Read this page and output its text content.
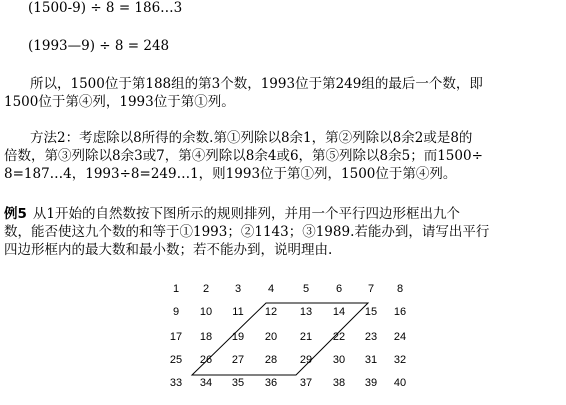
(1500-9) ÷ 8 = 186…3
(1993—9) ÷ 8 = 248
所以，1500位于第188组的第3个数，1993位于第249组的最后一个数，即
1500位于第④列，1993位于第①列。
方法2：考虑除以8所得的余数.第①列除以8余1，第②列除以8余2或是8的
倍数，第③列除以8余3或7，第④列除以8余4或6，第⑤列除以8余5；而1500÷
8=187…4，1993÷8=249…1，则1993位于第①列，1500位于第④列。
例5 从1开始的自然数按下图所示的规则排列，并用一个平行四边形框出九个
数，能否使这九个数的和等于①1993；②1143；③1989.若能办到，请写出平行
四边形框内的最大数和最小数；若不能办到，说明理由.
1	2	3	4	5	6	7	8
9	10	11	12	13	14	15	16
17	18	19	20	21	22	23	24
25	26	27	28	29	30	31	32
33	34	35	36	37	38	39	40
